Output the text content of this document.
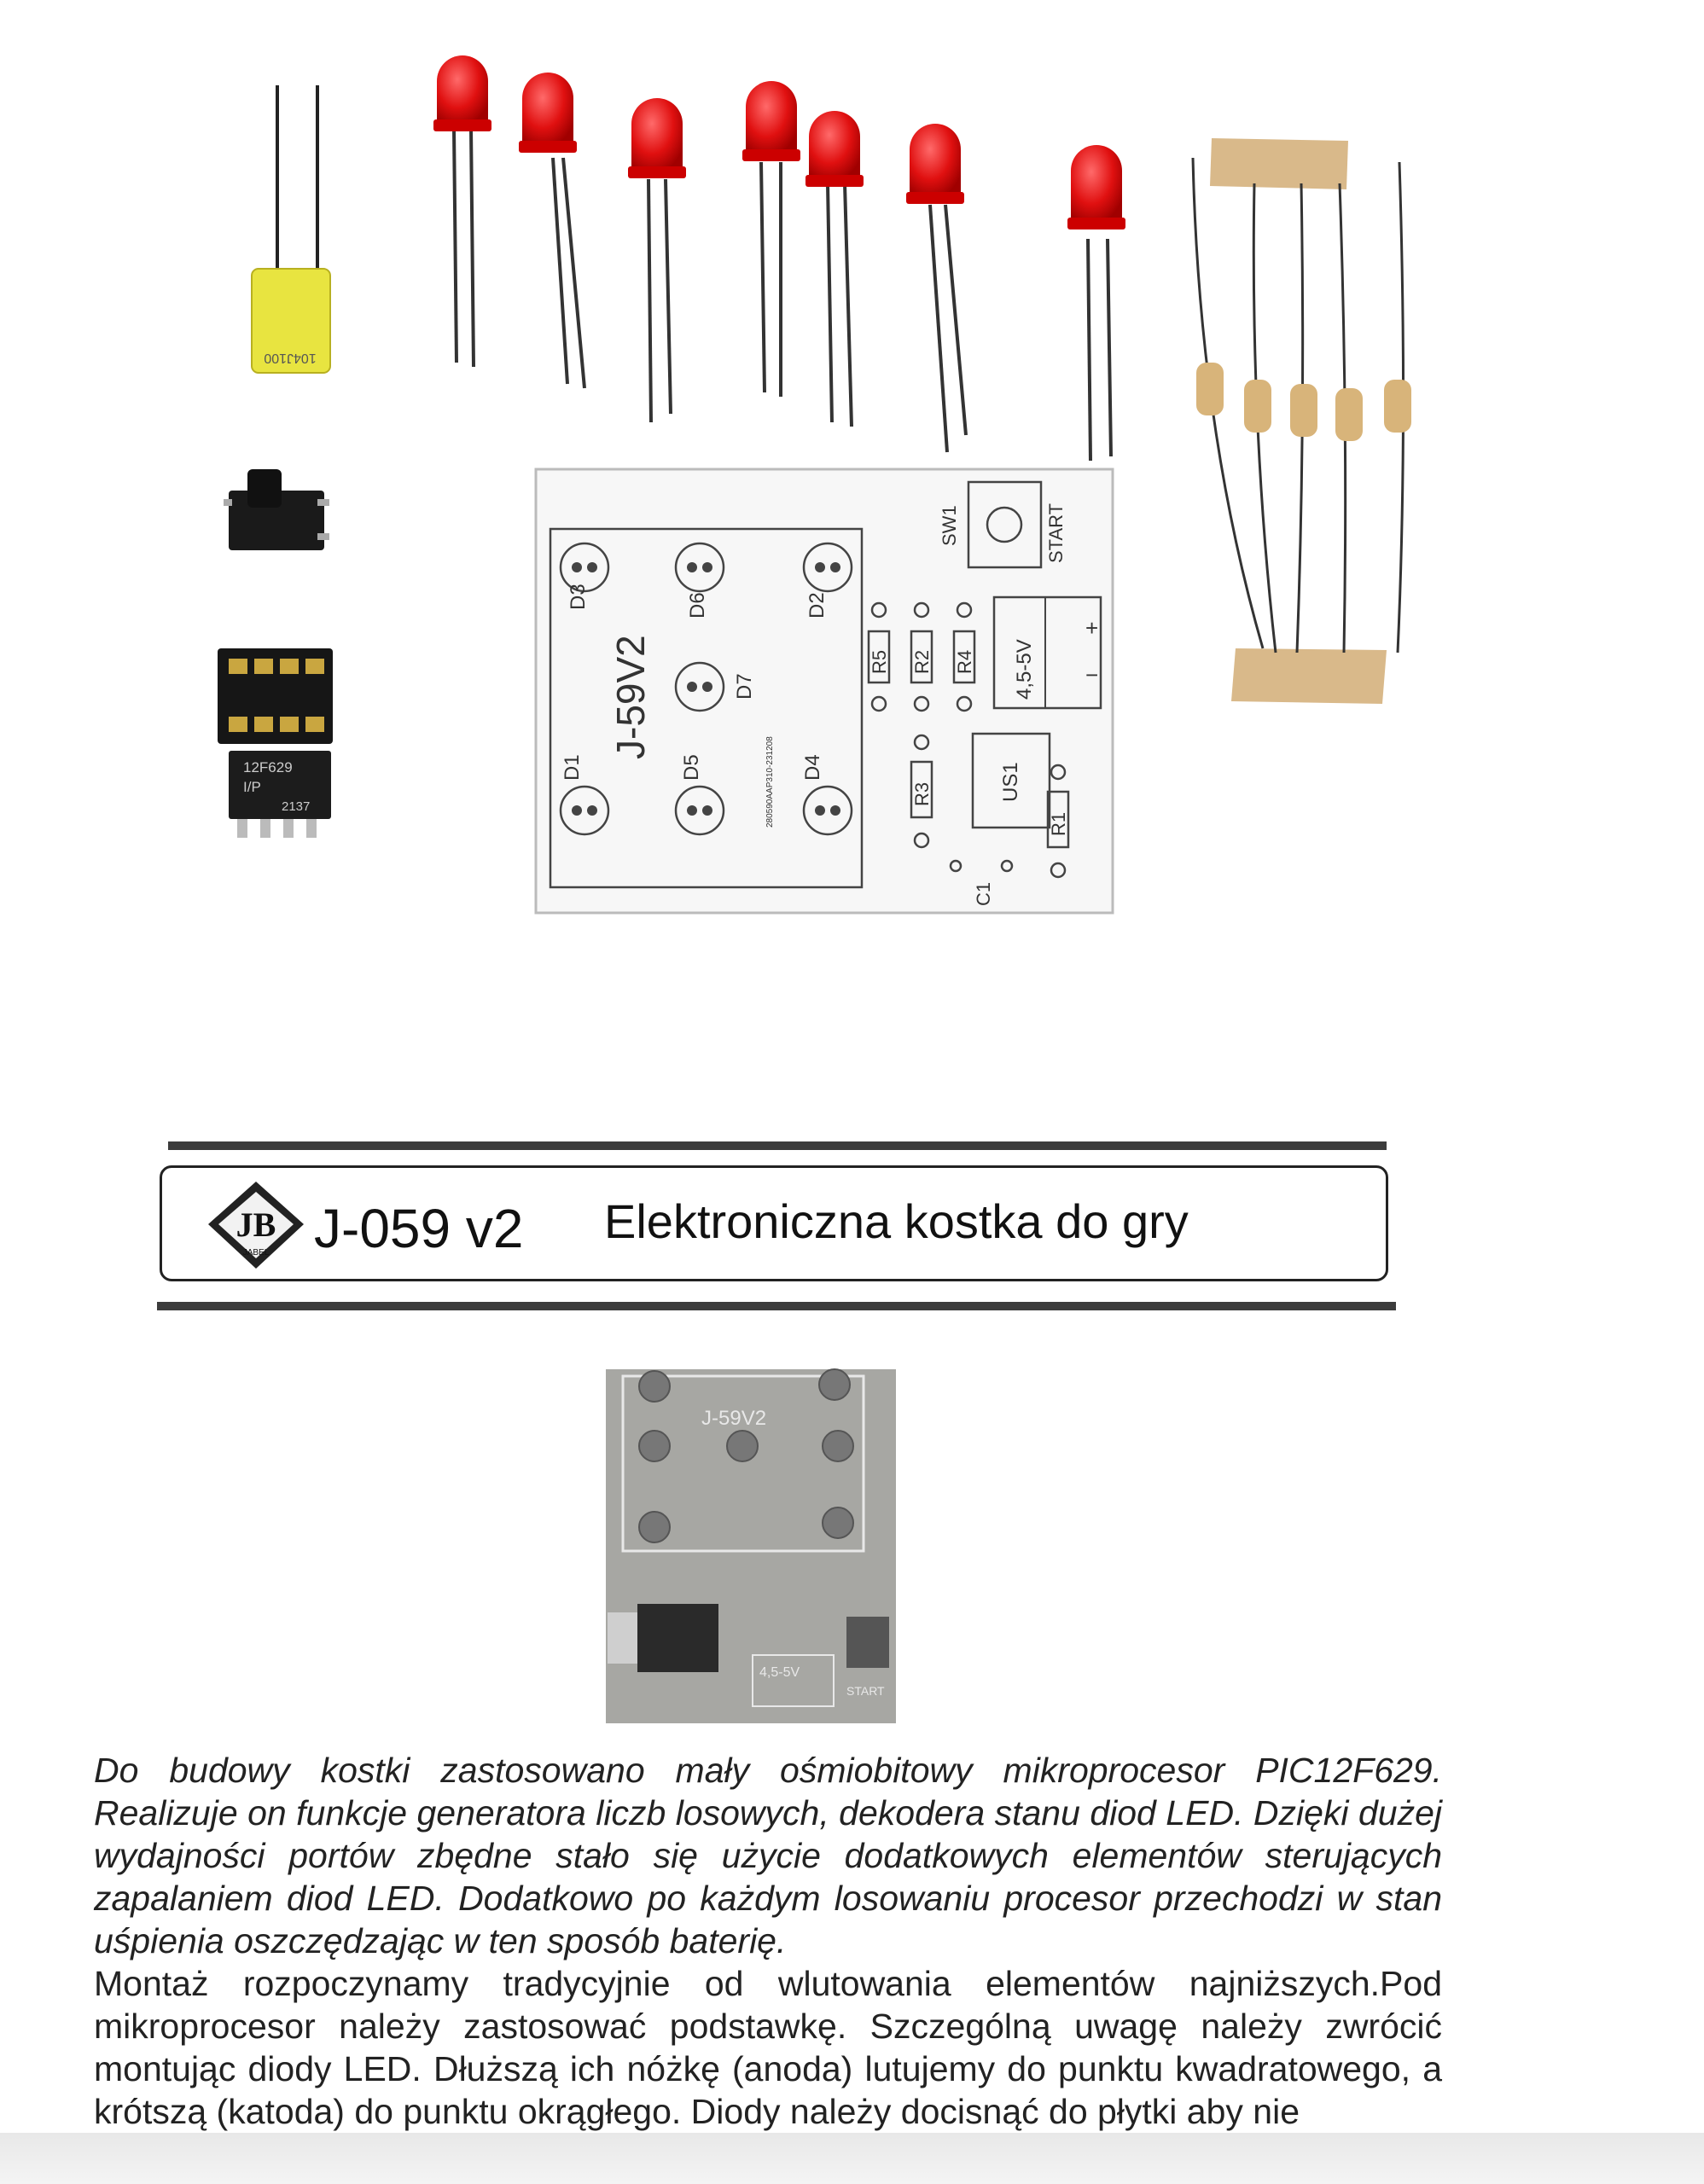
104J100
12F629
I/P
2137
D3	D6	D2
D7
D1	D5	D4
J-59V2
280590AAP310-231208
SW1	START
R5 R2 R4 4,5-5V
+
−
R3	US1
R1
C1
JB
JABEL J-059 v2 Elektroniczna kostka do gry
J-59V2
4,5-5V
START

Do budowy kostki zastosowano mały ośmiobitowy mikroprocesor PIC12F629. Realizuje on funkcje generatora liczb losowych, dekodera stanu diod LED. Dzięki dużej wydajności portów zbędne stało się użycie dodatkowych elementów sterujących zapalaniem diod LED. Dodatkowo po każdym losowaniu procesor przechodzi w stan uśpienia oszczędzając w ten sposób baterię.

Montaż rozpoczynamy tradycyjnie od wlutowania elementów najniższych.Pod mikroprocesor należy zastosować podstawkę. Szczególną uwagę należy zwrócić montując diody LED. Dłuższą ich nóżkę (anoda) lutujemy do punktu kwadratowego, a krótszą (katoda) do punktu okrągłego. Diody należy docisnąć do płytki aby nie
